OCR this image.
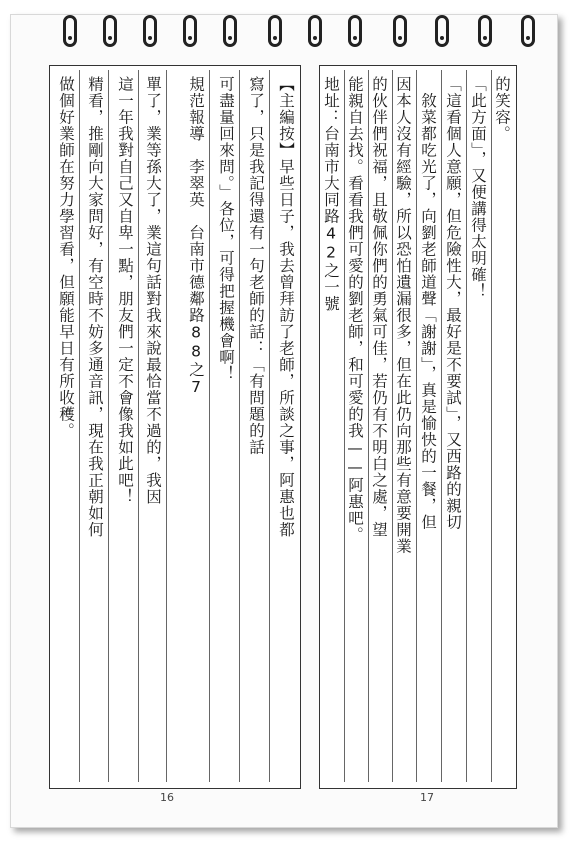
【主編按】早些日子，我去曾拜訪了老師，所談之事，阿惠也都
寫了，只是我記得還有一句老師的話：「有問題的話
可盡量回來問。」各位，可得把握機會啊！
規范報導　李翠英　台南市德鄰路88之7
單了，業等孫大了，業這句話對我來說最恰當不過的，我因
這一年我對自己又自卑一點，朋友們一定不會像我如此吧！
精看，推剛向大家問好，有空時不妨多通音訊，現在我正朝如何
做個好業師在努力學習看，但願能早日有所收穫。
16
的笑容。
「此方面」，又便講得太明確！
「這看個人意願，但危險性大，最好是不要試」，又西路的親切
　敘菜都吃光了，向劉老師道聲「謝謝」，真是愉快的一餐，但
因本人沒有經驗，所以恐怕遺漏很多，但在此仍向那些有意要開業
的伙伴們祝福，且敬佩你們的勇氣可佳，若仍有不明白之處，望
能親自去找。看看我們可愛的劉老師，和可愛的我——阿惠吧。
地址：台南市大同路42之一號
17
